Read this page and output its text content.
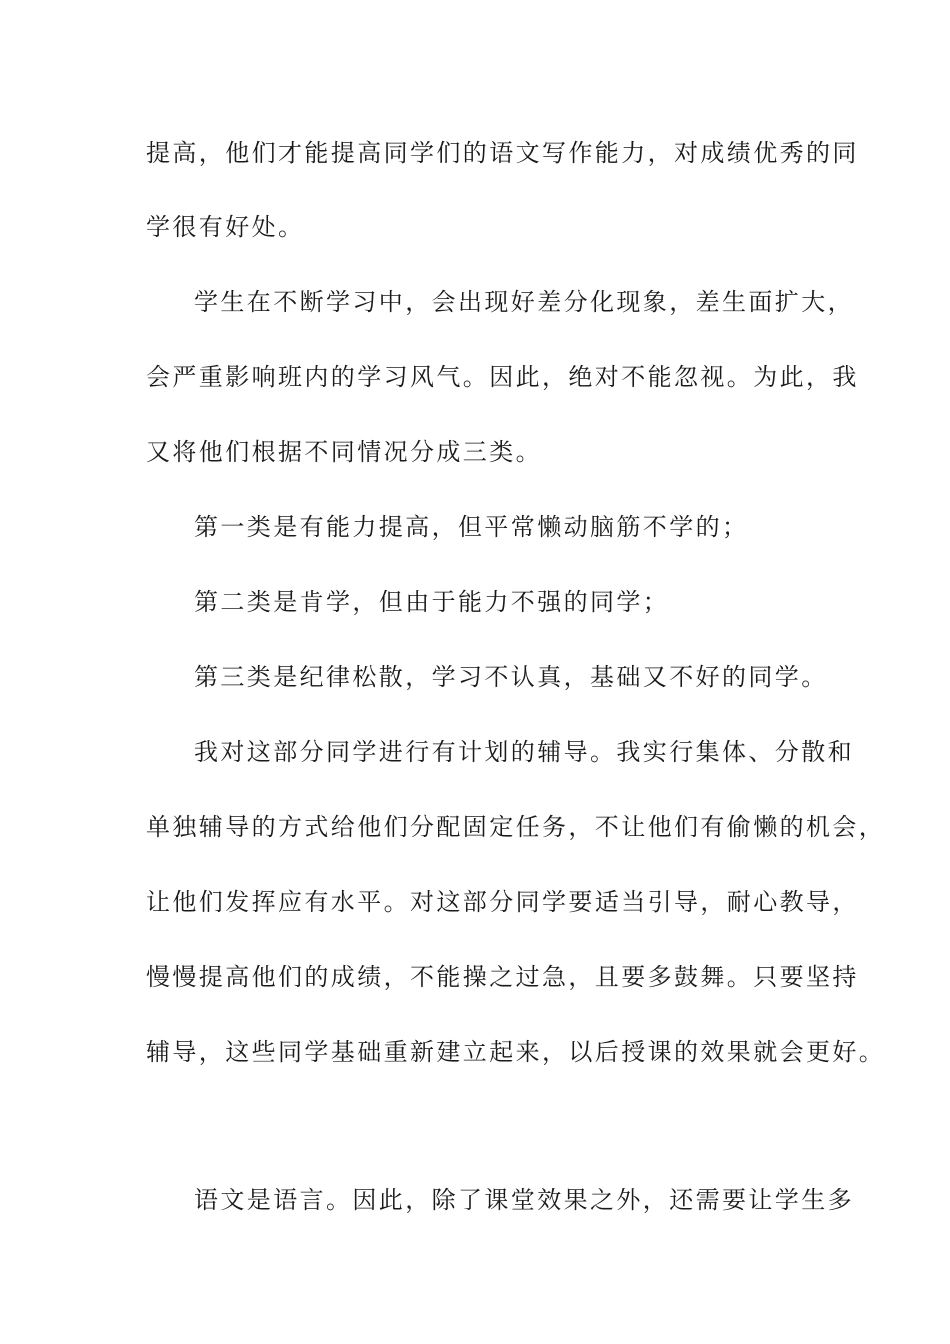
提高，他们才能提高同学们的语文写作能力，对成绩优秀的同
学很有好处。
学生在不断学习中，会出现好差分化现象，差生面扩大，
会严重影响班内的学习风气。因此，绝对不能忽视。为此，我
又将他们根据不同情况分成三类。
第一类是有能力提高，但平常懒动脑筋不学的；
第二类是肯学，但由于能力不强的同学；
第三类是纪律松散，学习不认真，基础又不好的同学。
我对这部分同学进行有计划的辅导。我实行集体、分散和
单独辅导的方式给他们分配固定任务，不让他们有偷懒的机会，
让他们发挥应有水平。对这部分同学要适当引导，耐心教导，
慢慢提高他们的成绩，不能操之过急，且要多鼓舞。只要坚持
辅导，这些同学基础重新建立起来，以后授课的效果就会更好。
语文是语言。因此，除了课堂效果之外，还需要让学生多
